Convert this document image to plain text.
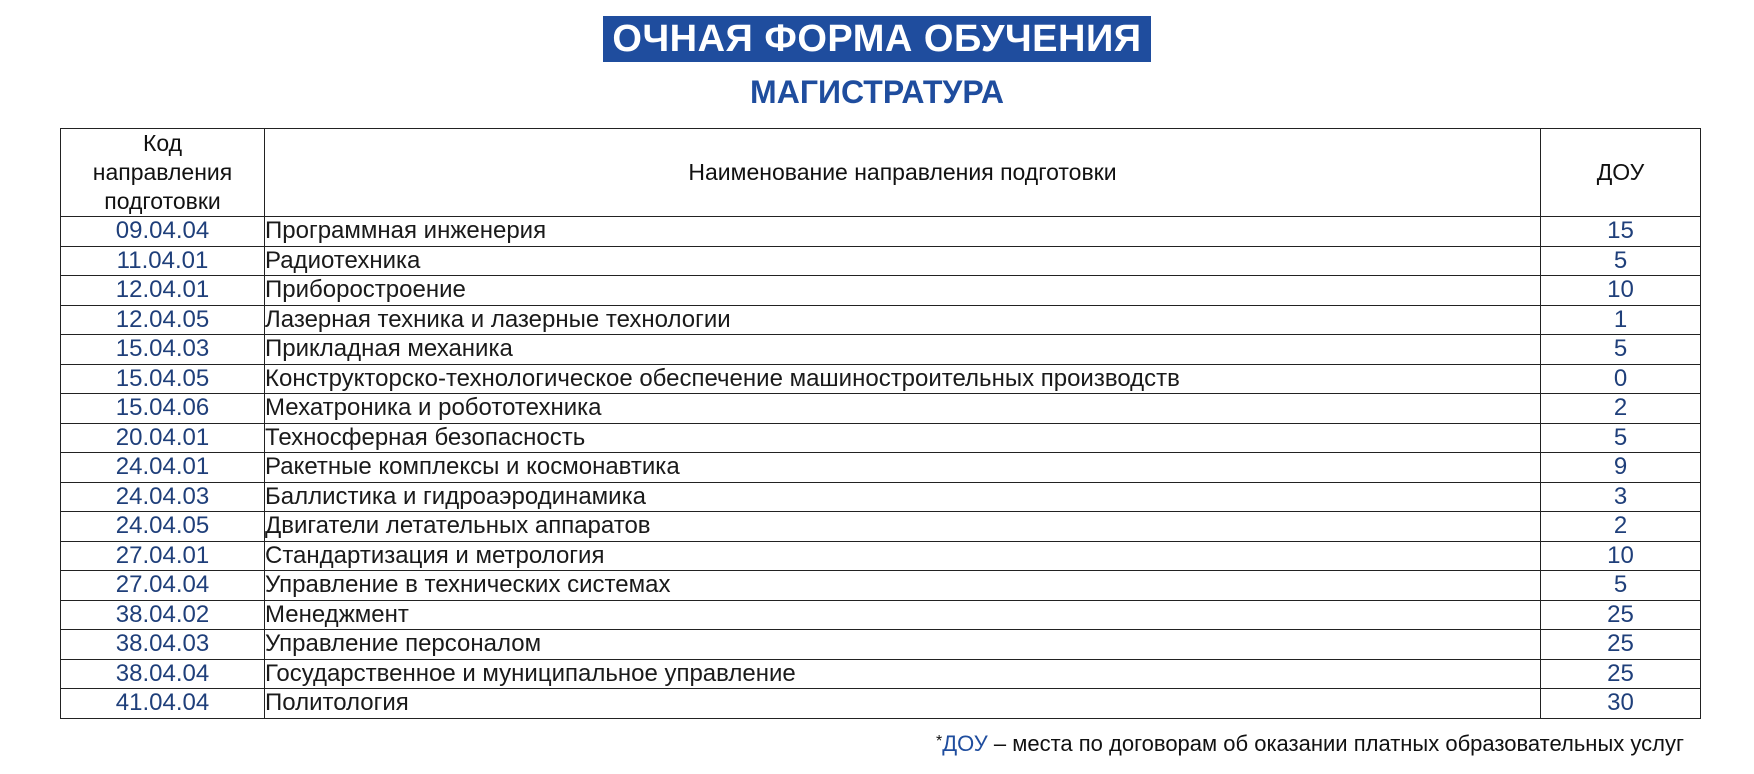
ОЧНАЯ ФОРМА ОБУЧЕНИЯ
МАГИСТРАТУРА
Код
направления
подготовки	Наименование направления подготовки	ДОУ
09.04.04	Программная инженерия	15
11.04.01	Радиотехника	5
12.04.01	Приборостроение	10
12.04.05	Лазерная техника и лазерные технологии	1
15.04.03	Прикладная механика	5
15.04.05	Конструкторско-технологическое обеспечение машиностроительных производств	0
15.04.06	Мехатроника и робототехника	2
20.04.01	Техносферная безопасность	5
24.04.01	Ракетные комплексы и космонавтика	9
24.04.03	Баллистика и гидроаэродинамика	3
24.04.05	Двигатели летательных аппаратов	2
27.04.01	Стандартизация и метрология	10
27.04.04	Управление в технических системах	5
38.04.02	Менеджмент	25
38.04.03	Управление персоналом	25
38.04.04	Государственное и муниципальное управление	25
41.04.04	Политология	30
*ДОУ – места по договорам об оказании платных образовательных услуг
